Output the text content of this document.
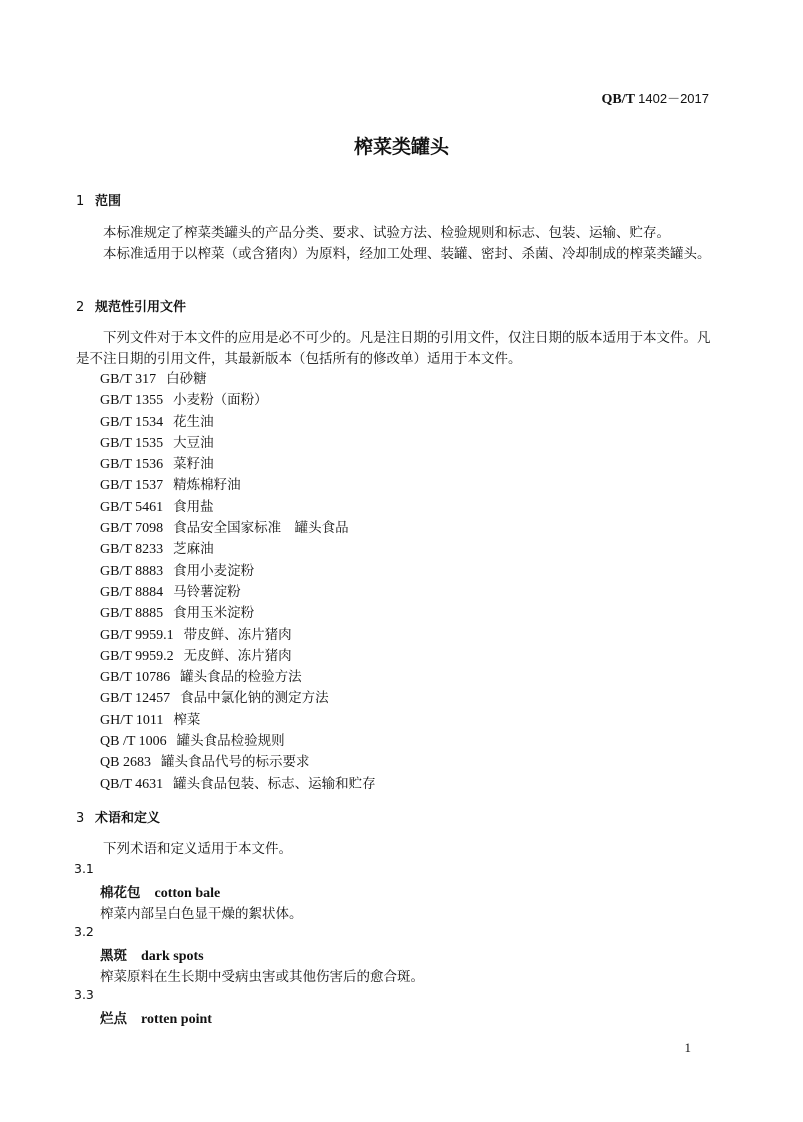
QB/T 1402－2017
榨菜类罐头
1 范围
本标准规定了榨菜类罐头的产品分类、要求、试验方法、检验规则和标志、包装、运输、贮存。
本标准适用于以榨菜（或含猪肉）为原料，经加工处理、装罐、密封、杀菌、冷却制成的榨菜类罐头。
2 规范性引用文件
下列文件对于本文件的应用是必不可少的。凡是注日期的引用文件，仅注日期的版本适用于本文件。凡是不注日期的引用文件，其最新版本（包括所有的修改单）适用于本文件。
GB/T 317 白砂糖
GB/T 1355 小麦粉（面粉）
GB/T 1534 花生油
GB/T 1535 大豆油
GB/T 1536 菜籽油
GB/T 1537 精炼棉籽油
GB/T 5461 食用盐
GB/T 7098 食品安全国家标准　罐头食品
GB/T 8233 芝麻油
GB/T 8883 食用小麦淀粉
GB/T 8884 马铃薯淀粉
GB/T 8885 食用玉米淀粉
GB/T 9959.1 带皮鲜、冻片猪肉
GB/T 9959.2 无皮鲜、冻片猪肉
GB/T 10786 罐头食品的检验方法
GB/T 12457 食品中氯化钠的测定方法
GH/T 1011 榨菜
QB /T 1006 罐头食品检验规则
QB 2683 罐头食品代号的标示要求
QB/T 4631 罐头食品包装、标志、运输和贮存
3 术语和定义
下列术语和定义适用于本文件。
3.1
棉花包 cotton bale
榨菜内部呈白色显干燥的絮状体。
3.2
黑斑 dark spots
榨菜原料在生长期中受病虫害或其他伤害后的愈合斑。
3.3
烂点 rotten point
1
